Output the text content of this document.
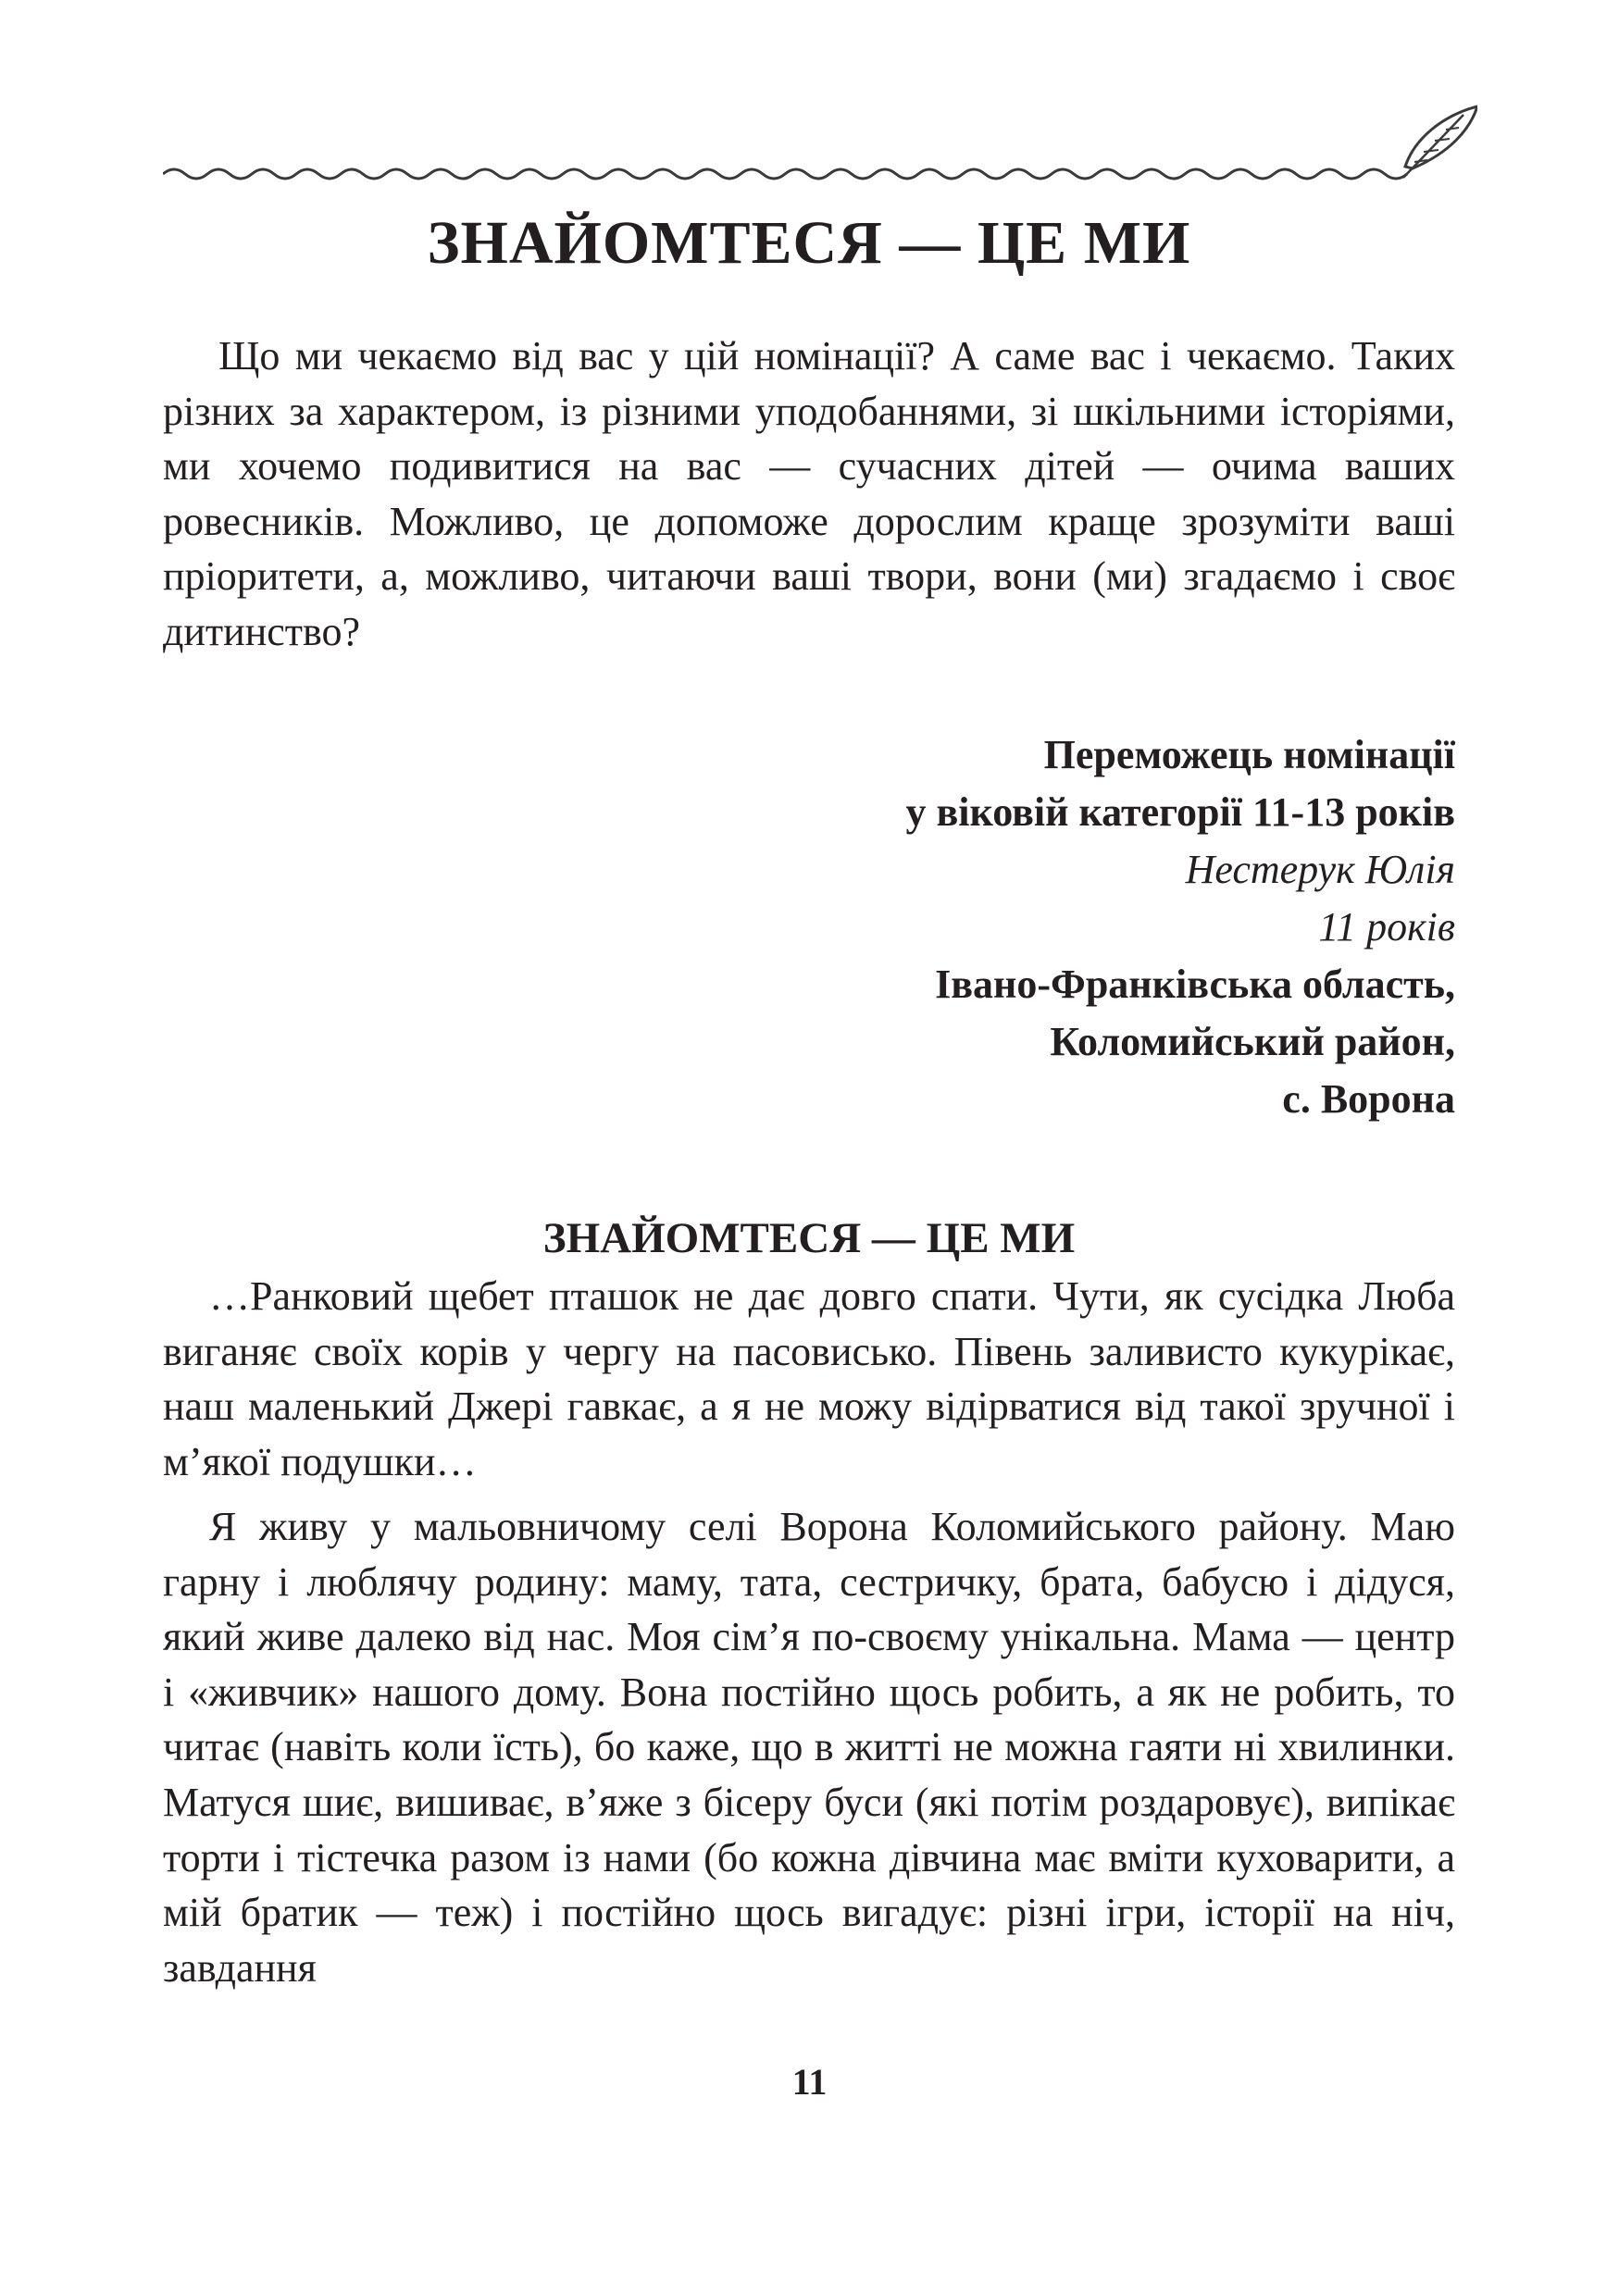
ЗНАЙОМТЕСЯ — ЦЕ МИ

Що ми чекаємо від вас у цій номінації? А саме вас і чекаємо. Таких різних за характером, із різними уподобаннями, зі шкільними історіями, ми хочемо подивитися на вас — сучасних дітей — очима ваших ровесників. Можливо, це допоможе дорослим краще зрозуміти ваші пріоритети, а, можливо, читаючи ваші твори, вони (ми) згадаємо і своє дитинство?

Переможець номінації
у віковій категорії 11-13 років
Нестерук Юлія
11 років
Івано-Франківська область,
Коломийський район,
с. Ворона
ЗНАЙОМТЕСЯ — ЦЕ МИ

…Ранковий щебет пташок не дає довго спати. Чути, як сусідка Люба виганяє своїх корів у чергу на пасовисько. Півень заливисто кукурікає, наш маленький Джері гавкає, а я не можу відірватися від такої зручної і м’якої подушки…

Я живу у мальовничому селі Ворона Коломийського району. Маю гарну і люблячу родину: маму, тата, сестричку, брата, бабусю і дідуся, який живе далеко від нас. Моя сім’я по-своєму унікальна. Мама — центр і «живчик» нашого дому. Вона постійно щось робить, а як не робить, то читає (навіть коли їсть), бо каже, що в житті не можна гаяти ні хвилинки. Матуся шиє, вишиває, в’яже з бісеру буси (які потім роздаровує), випікає торти і тістечка разом із нами (бо кожна дівчина має вміти куховарити, а мій братик — теж) і постійно щось вигадує: різні ігри, історії на ніч, завдання

11
